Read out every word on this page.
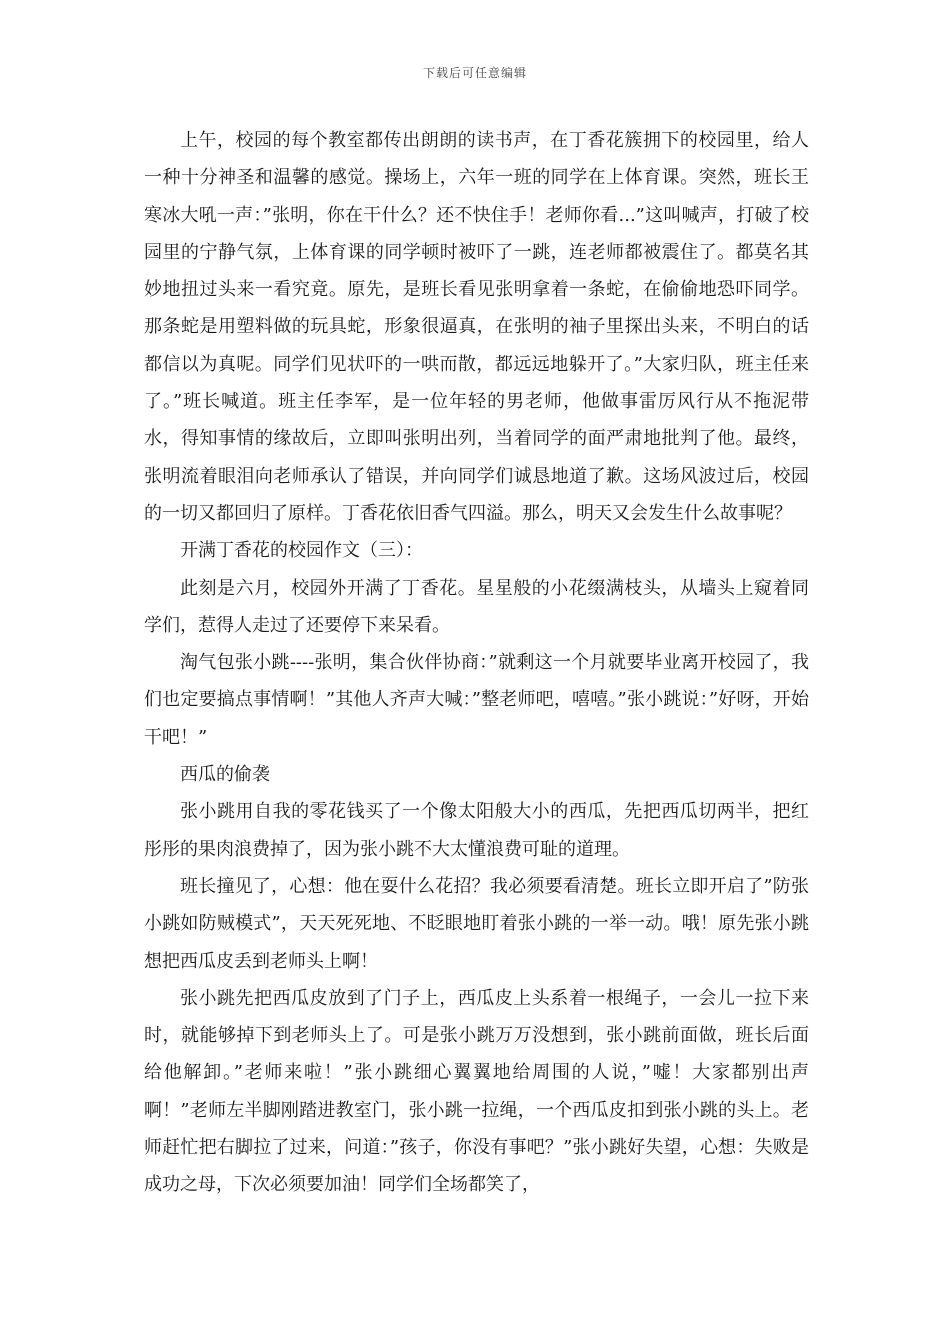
下载后可任意编辑

上午，校园的每个教室都传出朗朗的读书声，在丁香花簇拥下的校园里，给人一种十分神圣和温馨的感觉。操场上，六年一班的同学在上体育课。突然，班长王寒冰大吼一声：”张明，你在干什么？还不快住手！老师你看...”这叫喊声，打破了校园里的宁静气氛，上体育课的同学顿时被吓了一跳，连老师都被震住了。都莫名其妙地扭过头来一看究竟。原先，是班长看见张明拿着一条蛇，在偷偷地恐吓同学。那条蛇是用塑料做的玩具蛇，形象很逼真，在张明的袖子里探出头来，不明白的话都信以为真呢。同学们见状吓的一哄而散，都远远地躲开了。”大家归队，班主任来了。”班长喊道。班主任李军，是一位年轻的男老师，他做事雷厉风行从不拖泥带水，得知事情的缘故后，立即叫张明出列，当着同学的面严肃地批判了他。最终，张明流着眼泪向老师承认了错误，并向同学们诚恳地道了歉。这场风波过后，校园的一切又都回归了原样。丁香花依旧香气四溢。那么，明天又会发生什么故事呢？

开满丁香花的校园作文（三）：

此刻是六月，校园外开满了丁香花。星星般的小花缀满枝头，从墙头上窥着同学们，惹得人走过了还要停下来呆看。

淘气包张小跳----张明，集合伙伴协商：”就剩这一个月就要毕业离开校园了，我们也定要搞点事情啊！”其他人齐声大喊：”整老师吧，嘻嘻。”张小跳说：”好呀，开始干吧！”

西瓜的偷袭

张小跳用自我的零花钱买了一个像太阳般大小的西瓜，先把西瓜切两半，把红彤彤的果肉浪费掉了，因为张小跳不大太懂浪费可耻的道理。

班长撞见了，心想：他在耍什么花招？我必须要看清楚。班长立即开启了”防张小跳如防贼模式”，天天死死地、不眨眼地盯着张小跳的一举一动。哦！原先张小跳想把西瓜皮丢到老师头上啊！

张小跳先把西瓜皮放到了门子上，西瓜皮上头系着一根绳子，一会儿一拉下来时，就能够掉下到老师头上了。可是张小跳万万没想到，张小跳前面做，班长后面给他解卸。”老师来啦！”张小跳细心翼翼地给周围的人说，”嘘！大家都别出声啊！”老师左半脚刚踏进教室门，张小跳一拉绳，一个西瓜皮扣到张小跳的头上。老师赶忙把右脚拉了过来，问道：”孩子，你没有事吧？”张小跳好失望，心想：失败是成功之母，下次必须要加油！同学们全场都笑了，
